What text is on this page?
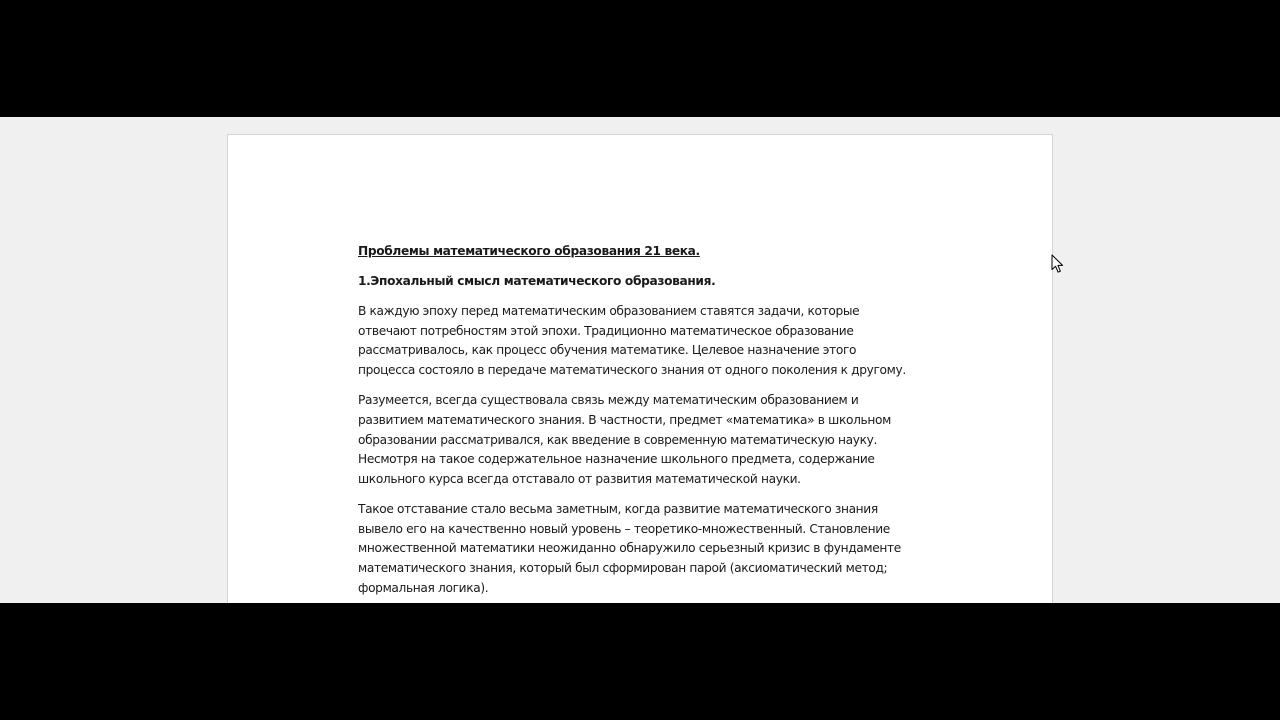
Проблемы математического образования 21 века.

1.Эпохальный смысл математического образования.

В каждую эпоху перед математическим образованием ставятся задачи, которые
отвечают потребностям этой эпохи. Традиционно математическое образование
рассматривалось, как процесс обучения математике. Целевое назначение этого
процесса состояло в передаче математического знания от одного поколения к другому.

Разумеется, всегда существовала связь между математическим образованием и
развитием математического знания. В частности, предмет «математика» в школьном
образовании рассматривался, как введение в современную математическую науку.
Несмотря на такое содержательное назначение школьного предмета, содержание
школьного курса всегда отставало от развития математической науки.

Такое отставание стало весьма заметным, когда развитие математического знания
вывело его на качественно новый уровень – теоретико-множественный. Становление
множественной математики неожиданно обнаружило серьезный кризис в фундаменте
математического знания, который был сформирован парой (аксиоматический метод;
формальная логика).
